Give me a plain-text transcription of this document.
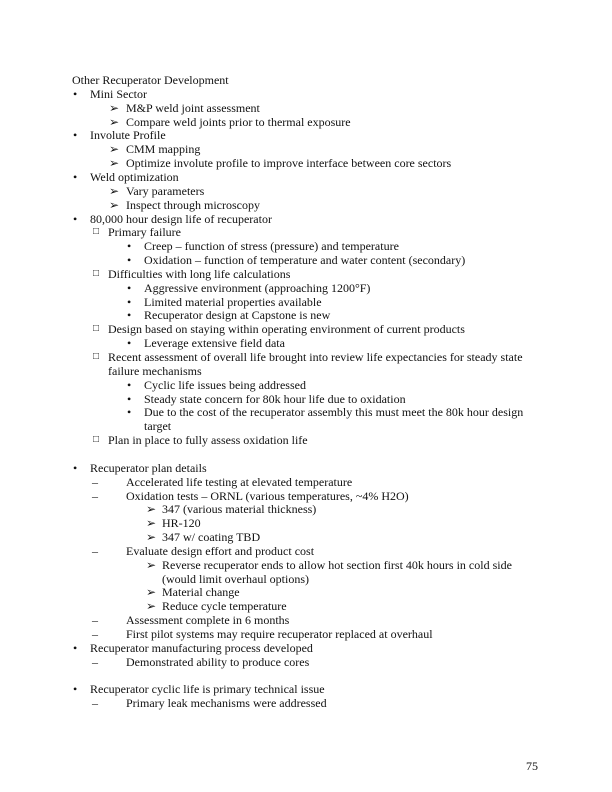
Other Recuperator Development
• Mini Sector
➢ M&P weld joint assessment
➢ Compare weld joints prior to thermal exposure
• Involute Profile
➢ CMM mapping
➢ Optimize involute profile to improve interface between core sectors
• Weld optimization
➢ Vary parameters
➢ Inspect through microscopy
• 80,000 hour design life of recuperator
□ Primary failure
• Creep – function of stress (pressure) and temperature
• Oxidation – function of temperature and water content (secondary)
□ Difficulties with long life calculations
• Aggressive environment (approaching 1200°F)
• Limited material properties available
• Recuperator design at Capstone is new
□ Design based on staying within operating environment of current products
• Leverage extensive field data
□ Recent assessment of overall life brought into review life expectancies for steady state
failure mechanisms
• Cyclic life issues being addressed
• Steady state concern for 80k hour life due to oxidation
• Due to the cost of the recuperator assembly this must meet the 80k hour design
target
□ Plan in place to fully assess oxidation life
• Recuperator plan details
– Accelerated life testing at elevated temperature
– Oxidation tests – ORNL (various temperatures, ~4% H2O)
➢ 347 (various material thickness)
➢ HR-120
➢ 347 w/ coating TBD
– Evaluate design effort and product cost
➢ Reverse recuperator ends to allow hot section first 40k hours in cold side
(would limit overhaul options)
➢ Material change
➢ Reduce cycle temperature
– Assessment complete in 6 months
– First pilot systems may require recuperator replaced at overhaul
• Recuperator manufacturing process developed
– Demonstrated ability to produce cores
• Recuperator cyclic life is primary technical issue
– Primary leak mechanisms were addressed
75
